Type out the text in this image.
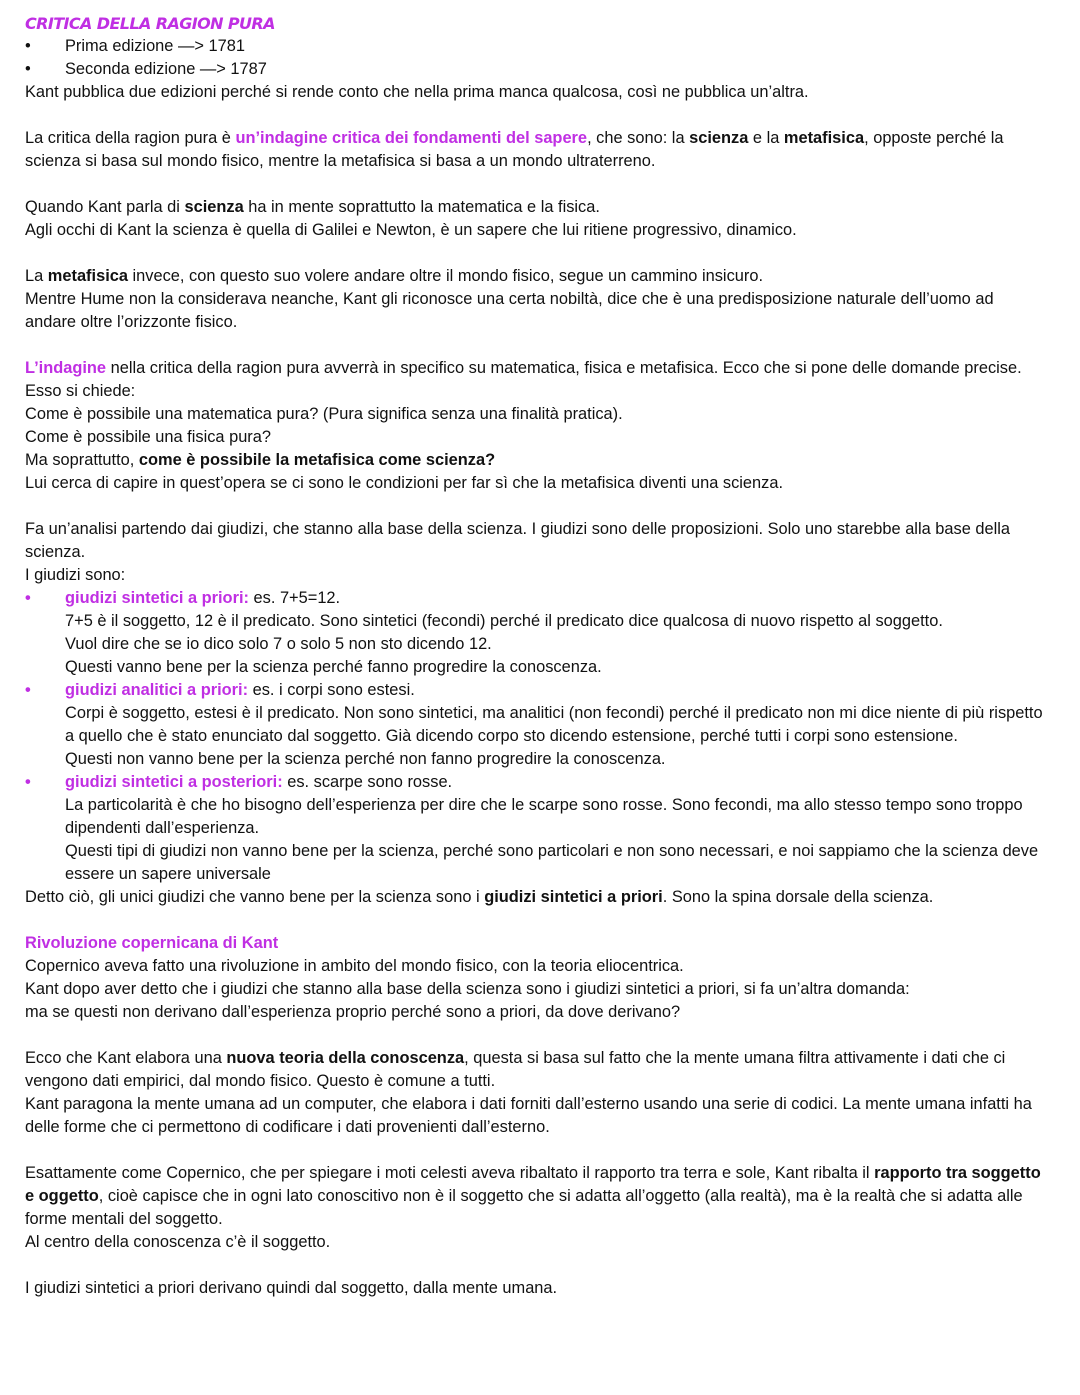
CRITICA DELLA RAGION PURA
• Prima edizione —> 1781
• Seconda edizione —> 1787

Kant pubblica due edizioni perché si rende conto che nella prima manca qualcosa, così ne pubblica un’altra.

La critica della ragion pura è un’indagine critica dei fondamenti del sapere, che sono: la scienza e la metafisica, opposte perché la scienza si basa sul mondo fisico, mentre la metafisica si basa a un mondo ultraterreno.

Quando Kant parla di scienza ha in mente soprattutto la matematica e la fisica.

Agli occhi di Kant la scienza è quella di Galilei e Newton, è un sapere che lui ritiene progressivo, dinamico.

La metafisica invece, con questo suo volere andare oltre il mondo fisico, segue un cammino insicuro.

Mentre Hume non la considerava neanche, Kant gli riconosce una certa nobiltà, dice che è una predisposizione naturale dell’uomo ad andare oltre l’orizzonte fisico.

L’indagine nella critica della ragion pura avverrà in specifico su matematica, fisica e metafisica. Ecco che si pone delle domande precise.

Esso si chiede:

Come è possibile una matematica pura? (Pura significa senza una finalità pratica).

Come è possibile una fisica pura?

Ma soprattutto, come è possibile la metafisica come scienza?

Lui cerca di capire in quest’opera se ci sono le condizioni per far sì che la metafisica diventi una scienza.

Fa un’analisi partendo dai giudizi, che stanno alla base della scienza. I giudizi sono delle proposizioni. Solo uno starebbe alla base della scienza.

I giudizi sono:

• giudizi sintetici a priori: es. 7+5=12.

7+5 è il soggetto, 12 è il predicato. Sono sintetici (fecondi) perché il predicato dice qualcosa di nuovo rispetto al soggetto.

Vuol dire che se io dico solo 7 o solo 5 non sto dicendo 12.

Questi vanno bene per la scienza perché fanno progredire la conoscenza.

• giudizi analitici a priori: es. i corpi sono estesi.

Corpi è soggetto, estesi è il predicato. Non sono sintetici, ma analitici (non fecondi) perché il predicato non mi dice niente di più rispetto a quello che è stato enunciato dal soggetto. Già dicendo corpo sto dicendo estensione, perché tutti i corpi sono estensione.

Questi non vanno bene per la scienza perché non fanno progredire la conoscenza.

• giudizi sintetici a posteriori: es. scarpe sono rosse.

La particolarità è che ho bisogno dell’esperienza per dire che le scarpe sono rosse. Sono fecondi, ma allo stesso tempo sono troppo dipendenti dall’esperienza.

Questi tipi di giudizi non vanno bene per la scienza, perché sono particolari e non sono necessari, e noi sappiamo che la scienza deve essere un sapere universale

Detto ciò, gli unici giudizi che vanno bene per la scienza sono i giudizi sintetici a priori. Sono la spina dorsale della scienza.

Rivoluzione copernicana di Kant

Copernico aveva fatto una rivoluzione in ambito del mondo fisico, con la teoria eliocentrica.

Kant dopo aver detto che i giudizi che stanno alla base della scienza sono i giudizi sintetici a priori, si fa un’altra domanda:

ma se questi non derivano dall’esperienza proprio perché sono a priori, da dove derivano?

Ecco che Kant elabora una nuova teoria della conoscenza, questa si basa sul fatto che la mente umana filtra attivamente i dati che ci vengono dati empirici, dal mondo fisico. Questo è comune a tutti.

Kant paragona la mente umana ad un computer, che elabora i dati forniti dall’esterno usando una serie di codici. La mente umana infatti ha delle forme che ci permettono di codificare i dati provenienti dall’esterno.

Esattamente come Copernico, che per spiegare i moti celesti aveva ribaltato il rapporto tra terra e sole, Kant ribalta il rapporto tra soggetto e oggetto, cioè capisce che in ogni lato conoscitivo non è il soggetto che si adatta all’oggetto (alla realtà), ma è la realtà che si adatta alle forme mentali del soggetto.

Al centro della conoscenza c’è il soggetto.

I giudizi sintetici a priori derivano quindi dal soggetto, dalla mente umana.
